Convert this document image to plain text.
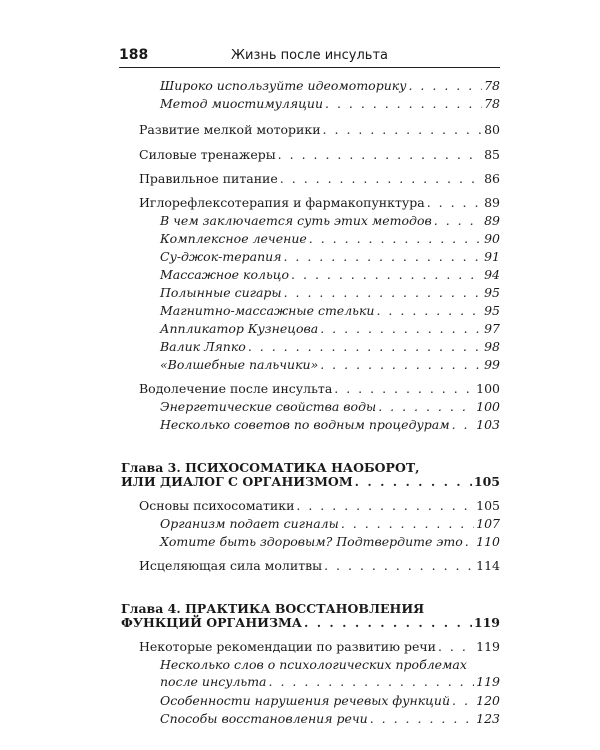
188	Жизнь после инсульта
Широко используйте идеомоторику . . .	78
Метод миостимуляции . . .	78
Развитие мелкой моторики . . .	80
Силовые тренажеры . . .	85
Правильное питание . . .	86
Иглорефлексотерапия и фармакопунктура . . .	89
В чем заключается суть этих методов . . .	89
Комплексное лечение . . .	90
Су-джок-терапия . . .	91
Массажное кольцо . . .	94
Полынные сигары . . .	95
Магнитно-массажные стельки . . .	95
Аппликатор Кузнецова . . .	97
Валик Ляпко . . .	98
«Волшебные пальчики» . . .	99
Водолечение после инсульта . . .	100
Энергетические свойства воды . . .	100
Несколько советов по водным процедурам . . . 103
Глава 3. ПСИХОСОМАТИКА НАОБОРОТ,
ИЛИ ДИАЛОГ С ОРГАНИЗМОМ . . .	105
Основы психосоматики . . .	105
Организм подает сигналы . . .	107
Хотите быть здоровым? Подтвердите это . . . 110
Исцеляющая сила молитвы . . .	114
Глава 4. ПРАКТИКА ВОССТАНОВЛЕНИЯ
ФУНКЦИЙ ОРГАНИЗМА . . .	119
Некоторые рекомендации по развитию речи . . .	119
Несколько слов о психологических проблемах
после инсульта . . .	119
Особенности нарушения речевых функций . . . 120
Способы восстановления речи . . .	123
